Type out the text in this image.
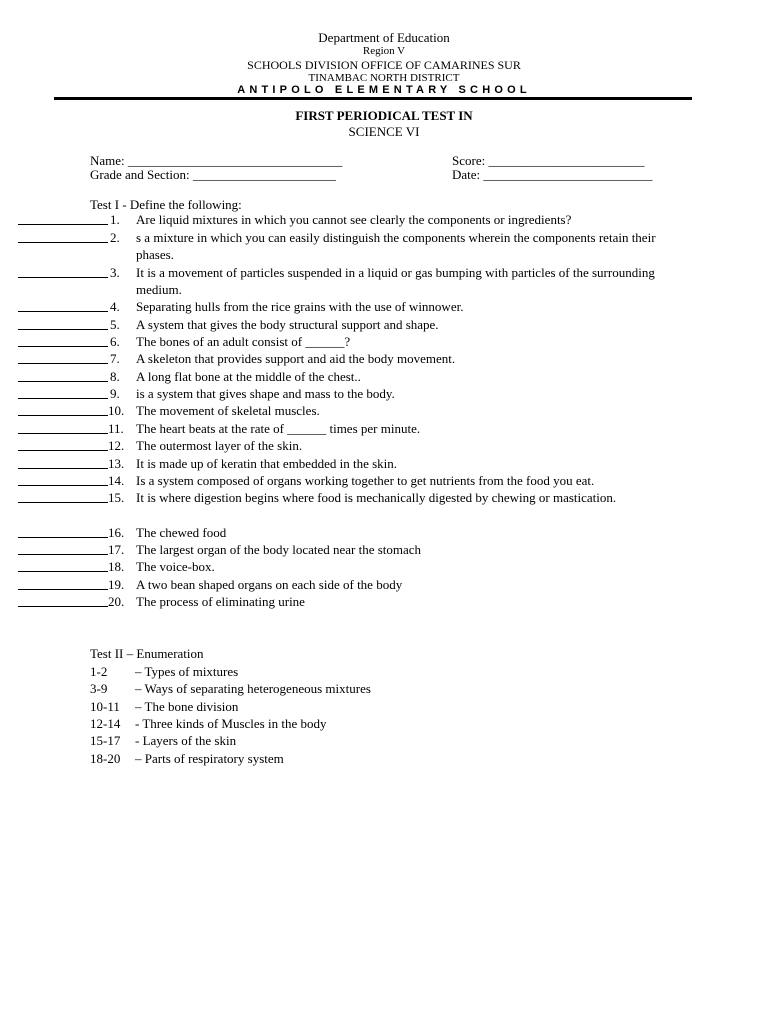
Department of Education
Region V
SCHOOLS DIVISION OFFICE OF CAMARINES SUR
TINAMBAC NORTH DISTRICT
ANTIPOLO ELEMENTARY SCHOOL
FIRST PERIODICAL TEST IN
SCIENCE VI
Name: _________________________________
Grade and Section: ______________________
Score: ________________________
Date: __________________________
Test I - Define the following:
1.	Are liquid mixtures in which you cannot see clearly the components or ingredients?
2.	s a mixture in which you can easily distinguish the components wherein the components retain their phases.
3.	It is a movement of particles suspended in a liquid or gas bumping with particles of the surrounding medium.
4.	Separating hulls from the rice grains with the use of winnower.
5.	A system that gives the body structural support and shape.
6.	The bones of an adult consist of ______?
7.	A skeleton that provides support and aid the body movement.
8.	A long flat bone at the middle of the chest..
9.	is a system that gives shape and mass to the body.
10. The movement of skeletal muscles.
11. The heart beats at the rate of ______ times per minute.
12. The outermost layer of the skin.
13. It is made up of keratin that embedded in the skin.
14. Is a system composed of organs working together to get nutrients from the food you eat.
15. It is where digestion begins where food is mechanically digested by chewing or mastication.
16. The chewed food
17. The largest organ of the body located near the stomach
18. The voice-box.
19. A two bean shaped organs on each side of the body
20. The process of eliminating urine
Test II – Enumeration
1-2 – Types of mixtures
3-9 – Ways of separating heterogeneous mixtures
10-11 – The bone division
12-14 - Three kinds of Muscles in the body
15-17 - Layers of the skin
18-20 – Parts of respiratory system
